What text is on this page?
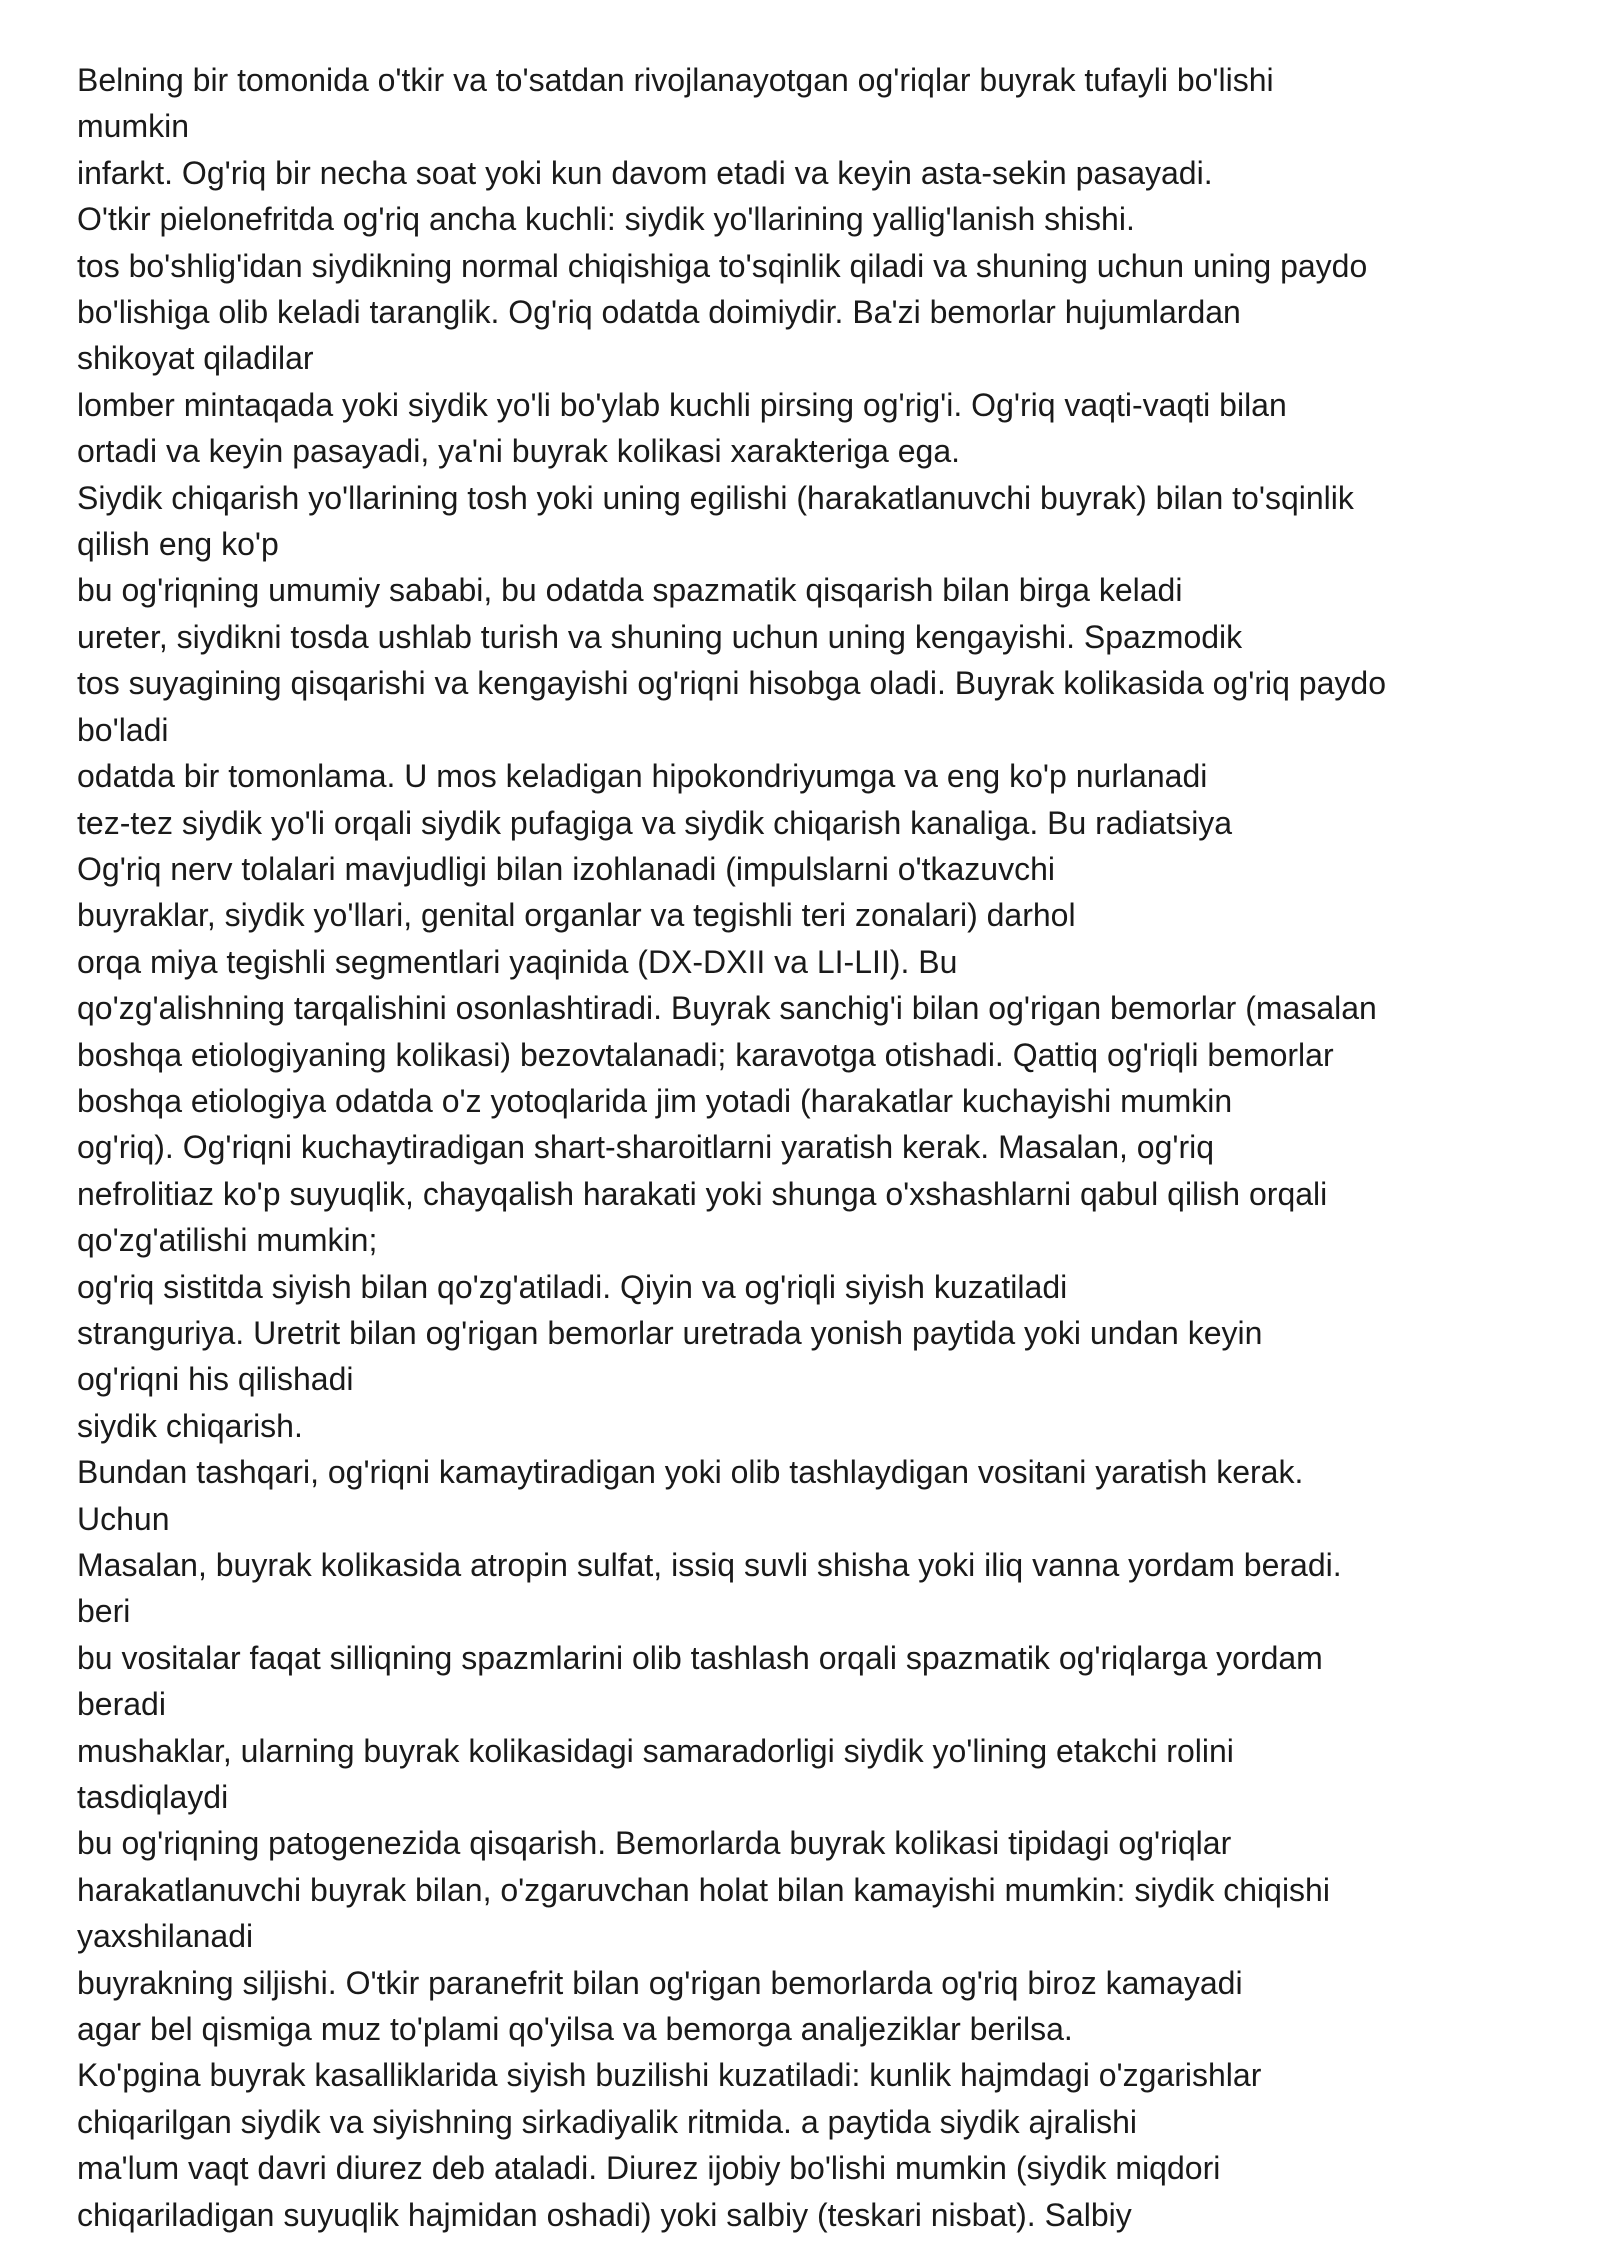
Belning bir tomonida o'tkir va to'satdan rivojlanayotgan og'riqlar buyrak tufayli bo'lishi
mumkin
infarkt. Og'riq bir necha soat yoki kun davom etadi va keyin asta-sekin pasayadi.
O'tkir pielonefritda og'riq ancha kuchli: siydik yo'llarining yallig'lanish shishi.
tos bo'shlig'idan siydikning normal chiqishiga to'sqinlik qiladi va shuning uchun uning paydo
bo'lishiga olib keladi taranglik. Og'riq odatda doimiydir. Ba'zi bemorlar hujumlardan
shikoyat qiladilar
lomber mintaqada yoki siydik yo'li bo'ylab kuchli pirsing og'rig'i. Og'riq vaqti-vaqti bilan
ortadi va keyin pasayadi, ya'ni buyrak kolikasi xarakteriga ega.
Siydik chiqarish yo'llarining tosh yoki uning egilishi (harakatlanuvchi buyrak) bilan to'sqinlik
qilish eng ko'p
bu og'riqning umumiy sababi, bu odatda spazmatik qisqarish bilan birga keladi
ureter, siydikni tosda ushlab turish va shuning uchun uning kengayishi. Spazmodik
tos suyagining qisqarishi va kengayishi og'riqni hisobga oladi. Buyrak kolikasida og'riq paydo
bo'ladi
odatda bir tomonlama. U mos keladigan hipokondriyumga va eng ko'p nurlanadi
tez-tez siydik yo'li orqali siydik pufagiga va siydik chiqarish kanaliga. Bu radiatsiya
Og'riq nerv tolalari mavjudligi bilan izohlanadi (impulslarni o'tkazuvchi
buyraklar, siydik yo'llari, genital organlar va tegishli teri zonalari) darhol
orqa miya tegishli segmentlari yaqinida (DX-DXII va LI-LII). Bu
qo'zg'alishning tarqalishini osonlashtiradi. Buyrak sanchig'i bilan og'rigan bemorlar (masalan
boshqa etiologiyaning kolikasi) bezovtalanadi; karavotga otishadi. Qattiq og'riqli bemorlar
boshqa etiologiya odatda o'z yotoqlarida jim yotadi (harakatlar kuchayishi mumkin
og'riq). Og'riqni kuchaytiradigan shart-sharoitlarni yaratish kerak. Masalan, og'riq
nefrolitiaz ko'p suyuqlik, chayqalish harakati yoki shunga o'xshashlarni qabul qilish orqali
qo'zg'atilishi mumkin;
og'riq sistitda siyish bilan qo'zg'atiladi. Qiyin va og'riqli siyish kuzatiladi
stranguriya. Uretrit bilan og'rigan bemorlar uretrada yonish paytida yoki undan keyin
og'riqni his qilishadi
siydik chiqarish.
Bundan tashqari, og'riqni kamaytiradigan yoki olib tashlaydigan vositani yaratish kerak.
Uchun
Masalan, buyrak kolikasida atropin sulfat, issiq suvli shisha yoki iliq vanna yordam beradi.
beri
bu vositalar faqat silliqning spazmlarini olib tashlash orqali spazmatik og'riqlarga yordam
beradi
mushaklar, ularning buyrak kolikasidagi samaradorligi siydik yo'lining etakchi rolini
tasdiqlaydi
bu og'riqning patogenezida qisqarish. Bemorlarda buyrak kolikasi tipidagi og'riqlar
harakatlanuvchi buyrak bilan, o'zgaruvchan holat bilan kamayishi mumkin: siydik chiqishi
yaxshilanadi
buyrakning siljishi. O'tkir paranefrit bilan og'rigan bemorlarda og'riq biroz kamayadi
agar bel qismiga muz to'plami qo'yilsa va bemorga analjeziklar berilsa.
Ko'pgina buyrak kasalliklarida siyish buzilishi kuzatiladi: kunlik hajmdagi o'zgarishlar
chiqarilgan siydik va siyishning sirkadiyalik ritmida. a paytida siydik ajralishi
ma'lum vaqt davri diurez deb ataladi. Diurez ijobiy bo'lishi mumkin (siydik miqdori
chiqariladigan suyuqlik hajmidan oshadi) yoki salbiy (teskari nisbat). Salbiy
